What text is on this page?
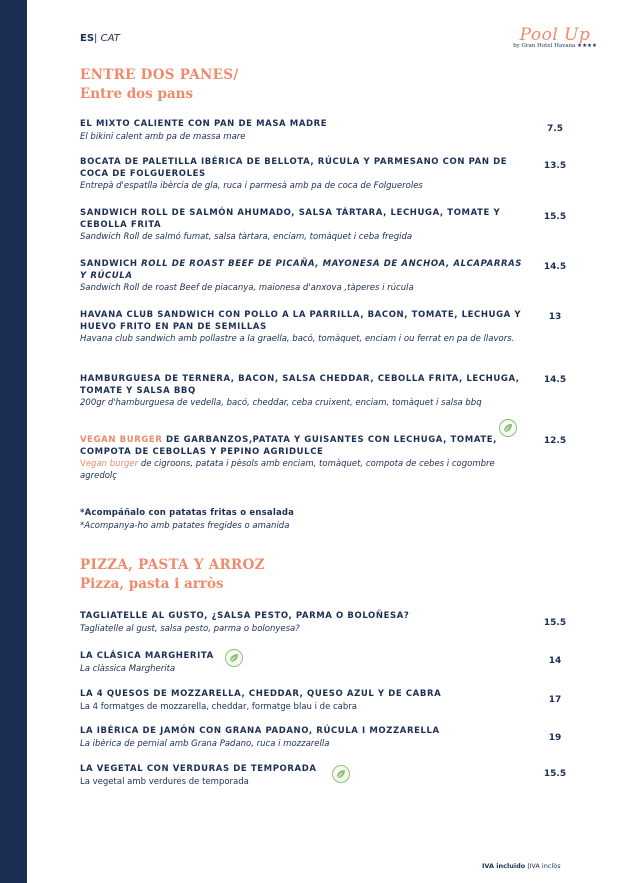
ES| CAT	Pool Up
by Gran Hotel Havana ★★★★
ENTRE DOS PANES/
Entre dos pans
EL MIXTO CALIENTE CON PAN DE MASA MADRE
El bikini calent amb pa de massa mare
7.5
BOCATA DE PALETILLA IBÉRICA DE BELLOTA, RÚCULA Y PARMESANO CON PAN DE COCA DE FOLGUEROLES
Entrepà d'espatlla ibèrcia de gla, ruca i parmesà amb pa de coca de Folgueroles
13.5
SANDWICH ROLL DE SALMÓN AHUMADO, SALSA TÁRTARA, LECHUGA, TOMATE Y CEBOLLA FRITA
Sandwich Roll de salmó fumat, salsa tàrtara, enciam, tomàquet i ceba fregida
15.5
SANDWICH ROLL DE ROAST BEEF DE PICAÑA, MAYONESA DE ANCHOA, ALCAPARRAS Y RÚCULA
Sandwich Roll de roast Beef de piacanya, maionesa d'anxova ,tàperes i rúcula
14.5
HAVANA CLUB SANDWICH CON POLLO A LA PARRILLA, BACON, TOMATE, LECHUGA Y HUEVO FRITO EN PAN DE SEMILLAS
Havana club sandwich amb pollastre a la graella, bacó, tomàquet, enciam i ou ferrat en pa de llavors.
13
HAMBURGUESA DE TERNERA, BACON, SALSA CHEDDAR, CEBOLLA FRITA, LECHUGA, TOMATE Y SALSA BBQ
200gr d'hamburguesa de vedella, bacó, cheddar, ceba cruixent, enciam, tomàquet i salsa bbq
14.5
VEGAN BURGER DE GARBANZOS,PATATA Y GUISANTES CON LECHUGA, TOMATE, COMPOTA DE CEBOLLAS Y PEPINO AGRIDULCE
Vegan burger de cigroons, patata i pèsols amb enciam, tomàquet, compota de cebes i cogombre agredolç
12.5
*Acompáñalo con patatas fritas o ensalada
*Acompanya-ho amb patates fregides o amanida
PIZZA, PASTA Y ARROZ
Pizza, pasta i arròs
TAGLIATELLE AL GUSTO, ¿SALSA PESTO, PARMA O BOLOÑESA?
Tagliatelle al gust, salsa pesto, parma o bolonyesa?
15.5
LA CLÁSICA MARGHERITA
La clàssica Margherita
14
LA 4 QUESOS DE MOZZARELLA, CHEDDAR, QUESO AZUL Y DE CABRA
La 4 formatges de mozzarella, cheddar, formatge blau i de cabra
17
LA IBÉRICA DE JAMÓN CON GRANA PADANO, RÚCULA I MOZZARELLA
La ibèrica de pernial amb Grana Padano, ruca i mozzarella
19
LA VEGETAL CON VERDURAS DE TEMPORADA
La vegetal amb verdures de temporada
15.5
IVA incluido |IVA inclòs
